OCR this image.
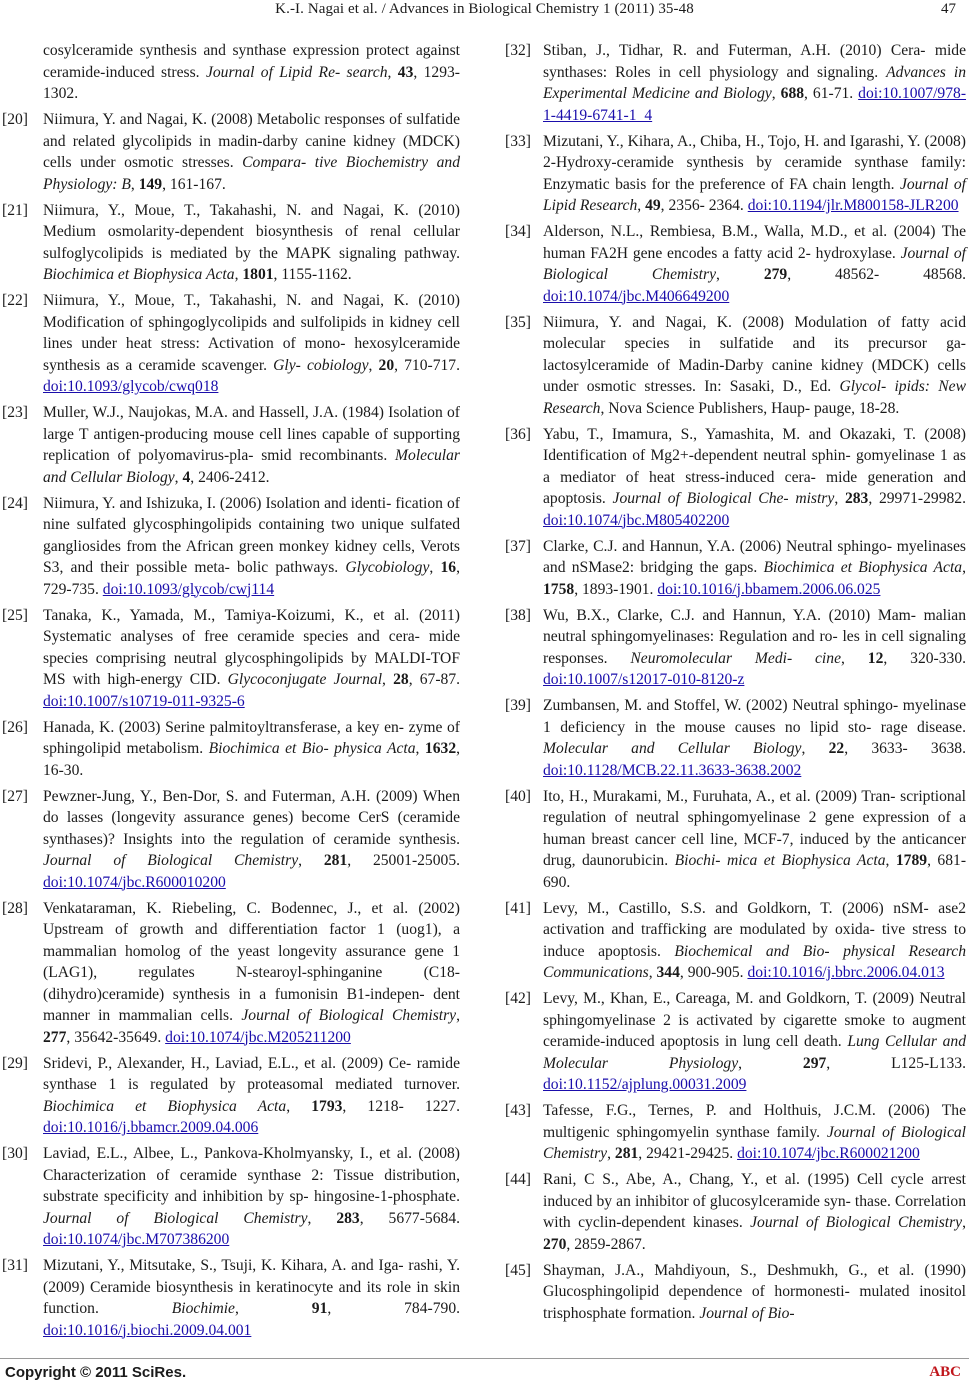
K.-I. Nagai et al. / Advances in Biological Chemistry 1 (2011) 35-48	47
cosylceramide synthesis and synthase expression protect against ceramide-induced stress. Journal of Lipid Re- search, 43, 1293-1302.
[20] Niimura, Y. and Nagai, K. (2008) Metabolic responses of sulfatide and related glycolipids in madin-darby canine kidney (MDCK) cells under osmotic stresses. Compara- tive Biochemistry and Physiology: B, 149, 161-167.
[21] Niimura, Y., Moue, T., Takahashi, N. and Nagai, K. (2010) Medium osmolarity-dependent biosynthesis of renal cellular sulfoglycolipids is mediated by the MAPK signaling pathway. Biochimica et Biophysica Acta, 1801, 1155-1162.
[22] Niimura, Y., Moue, T., Takahashi, N. and Nagai, K. (2010) Modification of sphingoglycolipids and sulfolipids in kidney cell lines under heat stress: Activation of mono- hexosylceramide synthesis as a ceramide scavenger. Gly- cobiology, 20, 710-717. doi:10.1093/glycob/cwq018
[23] Muller, W.J., Naujokas, M.A. and Hassell, J.A. (1984) Isolation of large T antigen-producing mouse cell lines capable of supporting replication of polyomavirus-pla- smid recombinants. Molecular and Cellular Biology, 4, 2406-2412.
[24] Niimura, Y. and Ishizuka, I. (2006) Isolation and identi- fication of nine sulfated glycosphingolipids containing two unique sulfated gangliosides from the African green monkey kidney cells, Verots S3, and their possible meta- bolic pathways. Glycobiology, 16, 729-735. doi:10.1093/glycob/cwj114
[25] Tanaka, K., Yamada, M., Tamiya-Koizumi, K., et al. (2011) Systematic analyses of free ceramide species and cera- mide species comprising neutral glycosphingolipids by MALDI-TOF MS with high-energy CID. Glycoconjugate Journal, 28, 67-87. doi:10.1007/s10719-011-9325-6
[26] Hanada, K. (2003) Serine palmitoyltransferase, a key en- zyme of sphingolipid metabolism. Biochimica et Bio- physica Acta, 1632, 16-30.
[27] Pewzner-Jung, Y., Ben-Dor, S. and Futerman, A.H. (2009) When do lasses (longevity assurance genes) become CerS (ceramide synthases)? Insights into the regulation of ceramide synthesis. Journal of Biological Chemistry, 281, 25001-25005. doi:10.1074/jbc.R600010200
[28] Venkataraman, K. Riebeling, C. Bodennec, J., et al. (2002) Upstream of growth and differentiation factor 1 (uog1), a mammalian homolog of the yeast longevity assurance gene 1 (LAG1), regulates N-stearoyl-sphinganine (C18- (dihydro)ceramide) synthesis in a fumonisin B1-indepen- dent manner in mammalian cells. Journal of Biological Chemistry, 277, 35642-35649. doi:10.1074/jbc.M205211200
[29] Sridevi, P., Alexander, H., Laviad, E.L., et al. (2009) Ce- ramide synthase 1 is regulated by proteasomal mediated turnover. Biochimica et Biophysica Acta, 1793, 1218- 1227. doi:10.1016/j.bbamcr.2009.04.006
[30] Laviad, E.L., Albee, L., Pankova-Kholmyansky, I., et al. (2008) Characterization of ceramide synthase 2: Tissue distribution, substrate specificity and inhibition by sp- hingosine-1-phosphate. Journal of Biological Chemistry, 283, 5677-5684. doi:10.1074/jbc.M707386200
[31] Mizutani, Y., Mitsutake, S., Tsuji, K. Kihara, A. and Iga- rashi, Y. (2009) Ceramide biosynthesis in keratinocyte and its role in skin function. Biochimie, 91, 784-790. doi:10.1016/j.biochi.2009.04.001
[32] Stiban, J., Tidhar, R. and Futerman, A.H. (2010) Cera- mide synthases: Roles in cell physiology and signaling. Advances in Experimental Medicine and Biology, 688, 61-71. doi:10.1007/978-1-4419-6741-1_4
[33] Mizutani, Y., Kihara, A., Chiba, H., Tojo, H. and Igarashi, Y. (2008) 2-Hydroxy-ceramide synthesis by ceramide synthase family: Enzymatic basis for the preference of FA chain length. Journal of Lipid Research, 49, 2356- 2364. doi:10.1194/jlr.M800158-JLR200
[34] Alderson, N.L., Rembiesa, B.M., Walla, M.D., et al. (2004) The human FA2H gene encodes a fatty acid 2- hydroxylase. Journal of Biological Chemistry, 279, 48562- 48568. doi:10.1074/jbc.M406649200
[35] Niimura, Y. and Nagai, K. (2008) Modulation of fatty acid molecular species in sulfatide and its precursor ga- lactosylceramide of Madin-Darby canine kidney (MDCK) cells under osmotic stresses. In: Sasaki, D., Ed. Glycol- ipids: New Research, Nova Science Publishers, Haup- pauge, 18-28.
[36] Yabu, T., Imamura, S., Yamashita, M. and Okazaki, T. (2008) Identification of Mg2+-dependent neutral sphin- gomyelinase 1 as a mediator of heat stress-induced cera- mide generation and apoptosis. Journal of Biological Che- mistry, 283, 29971-29982. doi:10.1074/jbc.M805402200
[37] Clarke, C.J. and Hannun, Y.A. (2006) Neutral sphingo- myelinases and nSMase2: bridging the gaps. Biochimica et Biophysica Acta, 1758, 1893-1901. doi:10.1016/j.bbamem.2006.06.025
[38] Wu, B.X., Clarke, C.J. and Hannun, Y.A. (2010) Mam- malian neutral sphingomyelinases: Regulation and ro- les in cell signaling responses. Neuromolecular Medi- cine, 12, 320-330. doi:10.1007/s12017-010-8120-z
[39] Zumbansen, M. and Stoffel, W. (2002) Neutral sphingo- myelinase 1 deficiency in the mouse causes no lipid sto- rage disease. Molecular and Cellular Biology, 22, 3633- 3638. doi:10.1128/MCB.22.11.3633-3638.2002
[40] Ito, H., Murakami, M., Furuhata, A., et al. (2009) Tran- scriptional regulation of neutral sphingomyelinase 2 gene expression of a human breast cancer cell line, MCF-7, induced by the anticancer drug, daunorubicin. Biochi- mica et Biophysica Acta, 1789, 681-690.
[41] Levy, M., Castillo, S.S. and Goldkorn, T. (2006) nSM- ase2 activation and trafficking are modulated by oxida- tive stress to induce apoptosis. Biochemical and Bio- physical Research Communications, 344, 900-905. doi:10.1016/j.bbrc.2006.04.013
[42] Levy, M., Khan, E., Careaga, M. and Goldkorn, T. (2009) Neutral sphingomyelinase 2 is activated by cigarette smoke to augment ceramide-induced apoptosis in lung cell death. Lung Cellular and Molecular Physiology, 297, L125-L133. doi:10.1152/ajplung.00031.2009
[43] Tafesse, F.G., Ternes, P. and Holthuis, J.C.M. (2006) The multigenic sphingomyelin synthase family. Journal of Biological Chemistry, 281, 29421-29425. doi:10.1074/jbc.R600021200
[44] Rani, C S., Abe, A., Chang, Y., et al. (1995) Cell cycle arrest induced by an inhibitor of glucosylceramide syn- thase. Correlation with cyclin-dependent kinases. Journal of Biological Chemistry, 270, 2859-2867.
[45] Shayman, J.A., Mahdiyoun, S., Deshmukh, G., et al. (1990) Glucosphingolipid dependence of hormonesti- mulated inositol trisphosphate formation. Journal of Bio-
Copyright © 2011 SciRes.	ABC
